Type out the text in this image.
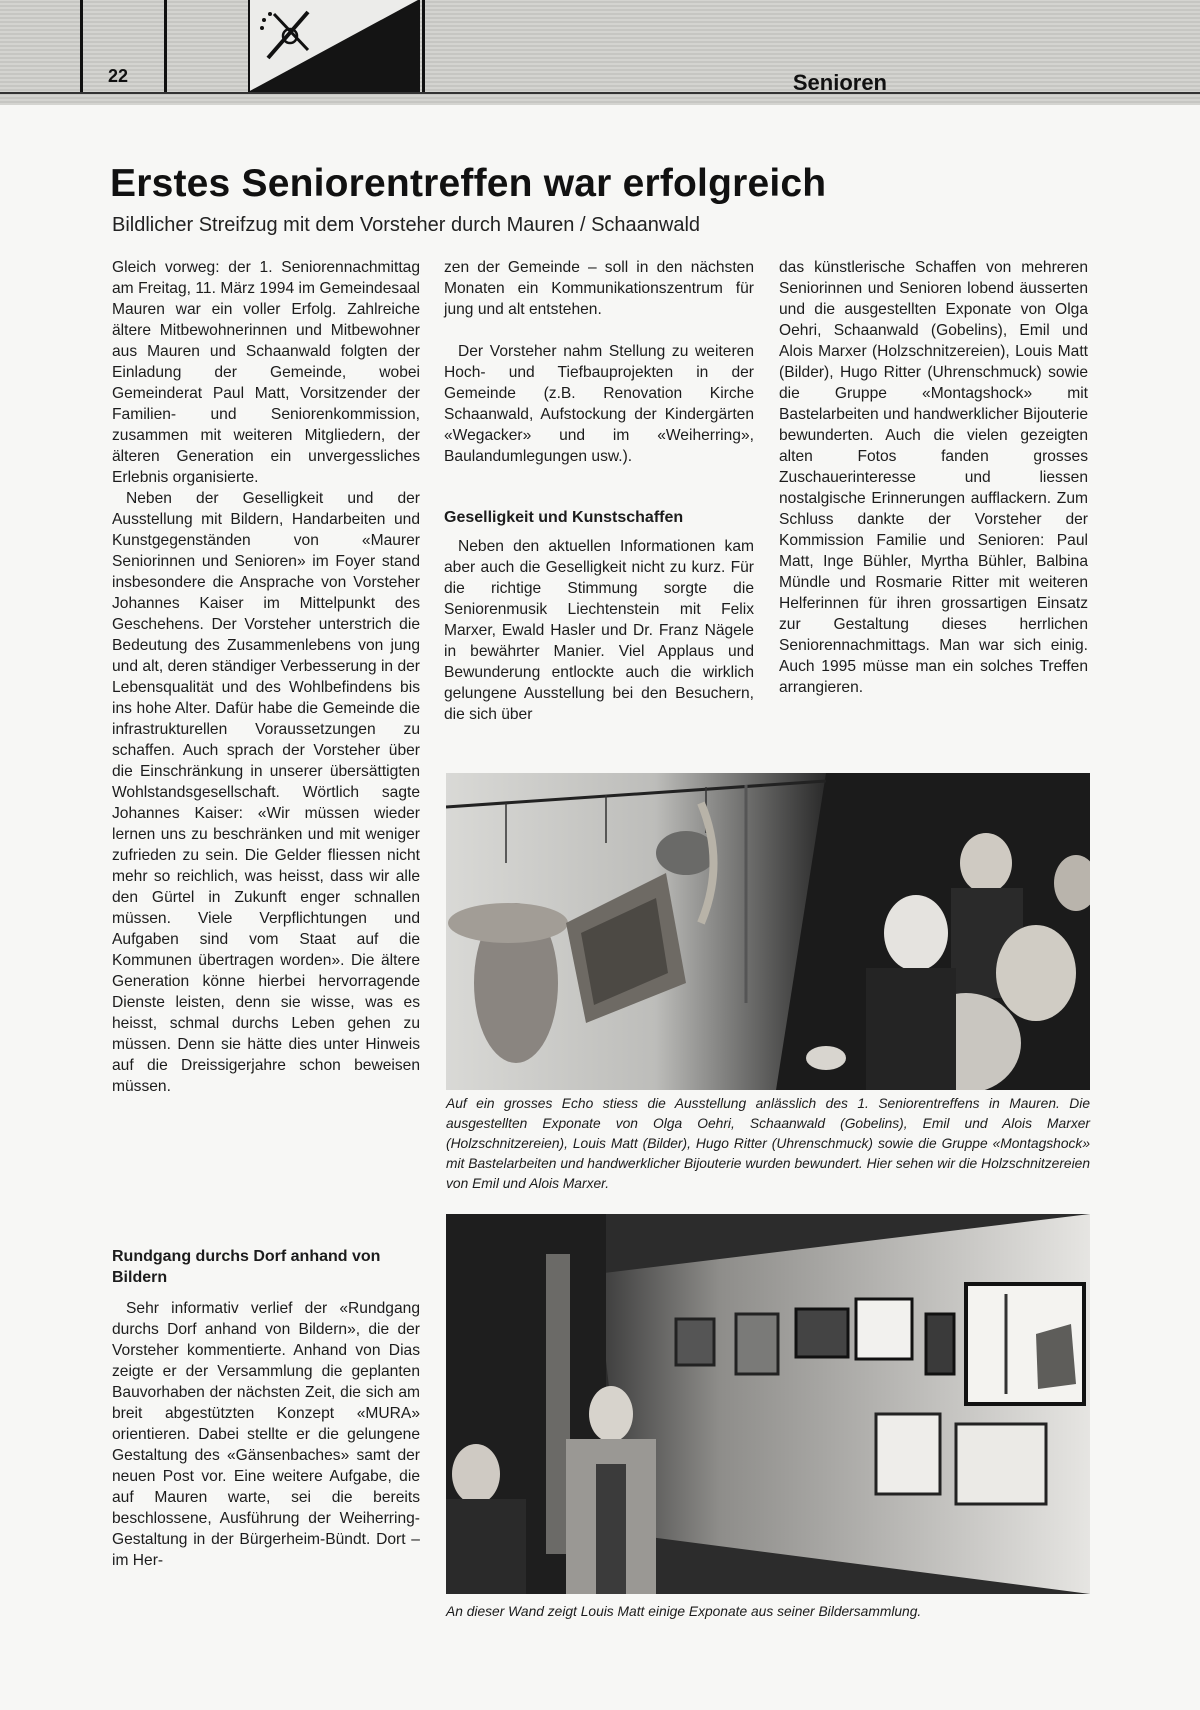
22	Senioren
Erstes Seniorentreffen war erfolgreich
Bildlicher Streifzug mit dem Vorsteher durch Mauren / Schaanwald

Gleich vorweg: der 1. Seniorennachmittag am Freitag, 11. März 1994 im Gemeindesaal Mauren war ein voller Erfolg. Zahlreiche ältere Mitbewohnerinnen und Mitbewohner aus Mauren und Schaanwald folgten der Einladung der Gemeinde, wobei Gemeinderat Paul Matt, Vorsitzender der Familien- und Seniorenkommission, zusammen mit weiteren Mitgliedern, der älteren Generation ein unvergessliches Erlebnis organisierte.

Neben der Geselligkeit und der Ausstellung mit Bildern, Handarbeiten und Kunstgegenständen von «Maurer Seniorinnen und Senioren» im Foyer stand insbesondere die Ansprache von Vorsteher Johannes Kaiser im Mittelpunkt des Geschehens. Der Vorsteher unterstrich die Bedeutung des Zusammenlebens von jung und alt, deren ständiger Verbesserung in der Lebensqualität und des Wohlbefindens bis ins hohe Alter. Dafür habe die Gemeinde die infrastrukturellen Voraussetzungen zu schaffen. Auch sprach der Vorsteher über die Einschränkung in unserer übersättigten Wohlstandsgesellschaft. Wörtlich sagte Johannes Kaiser: «Wir müssen wieder lernen uns zu beschränken und mit weniger zufrieden zu sein. Die Gelder fliessen nicht mehr so reichlich, was heisst, dass wir alle den Gürtel in Zukunft enger schnallen müssen. Viele Verpflichtungen und Aufgaben sind vom Staat auf die Kommunen übertragen worden». Die ältere Generation könne hierbei hervorragende Dienste leisten, denn sie wisse, was es heisst, schmal durchs Leben gehen zu müssen. Denn sie hätte dies unter Hinweis auf die Dreissigerjahre schon beweisen müssen.

Rundgang durchs Dorf anhand von Bildern

Sehr informativ verlief der «Rundgang durchs Dorf anhand von Bildern», die der Vorsteher kommentierte. Anhand von Dias zeigte er der Versammlung die geplanten Bauvorhaben der nächsten Zeit, die sich am breit abgestützten Konzept «MURA» orientieren. Dabei stellte er die gelungene Gestaltung des «Gänsenbaches» samt der neuen Post vor. Eine weitere Aufgabe, die auf Mauren warte, sei die bereits beschlossene, Ausführung der Weiherring-Gestaltung in der Bürgerheim-Bündt. Dort – im Her-

zen der Gemeinde – soll in den nächsten Monaten ein Kommunikationszentrum für jung und alt entstehen.

Der Vorsteher nahm Stellung zu weiteren Hoch- und Tiefbauprojekten in der Gemeinde (z.B. Renovation Kirche Schaanwald, Aufstockung der Kindergärten «Wegacker» und im «Weiherring», Baulandumlegungen usw.).

Geselligkeit und Kunstschaffen

Neben den aktuellen Informationen kam aber auch die Geselligkeit nicht zu kurz. Für die richtige Stimmung sorgte die Seniorenmusik Liechtenstein mit Felix Marxer, Ewald Hasler und Dr. Franz Nägele in bewährter Manier. Viel Applaus und Bewunderung entlockte auch die wirklich gelungene Ausstellung bei den Besuchern, die sich über

das künstlerische Schaffen von mehreren Seniorinnen und Senioren lobend äusserten und die ausgestellten Exponate von Olga Oehri, Schaanwald (Gobelins), Emil und Alois Marxer (Holzschnitzereien), Louis Matt (Bilder), Hugo Ritter (Uhrenschmuck) sowie die Gruppe «Montagshock» mit Bastelarbeiten und handwerklicher Bijouterie bewunderten. Auch die vielen gezeigten alten Fotos fanden grosses Zuschauerinteresse und liessen nostalgische Erinnerungen aufflackern. Zum Schluss dankte der Vorsteher der Kommission Familie und Senioren: Paul Matt, Inge Bühler, Myrtha Bühler, Balbina Mündle und Rosmarie Ritter mit weiteren Helferinnen für ihren grossartigen Einsatz zur Gestaltung dieses herrlichen Seniorennachmittags. Man war sich einig. Auch 1995 müsse man ein solches Treffen arrangieren.

Auf ein grosses Echo stiess die Ausstellung anlässlich des 1. Seniorentreffens in Mauren. Die ausgestellten Exponate von Olga Oehri, Schaanwald (Gobelins), Emil und Alois Marxer (Holzschnitzereien), Louis Matt (Bilder), Hugo Ritter (Uhrenschmuck) sowie die Gruppe «Montagshock» mit Bastelarbeiten und handwerklicher Bijouterie wurden bewundert. Hier sehen wir die Holzschnitzereien von Emil und Alois Marxer.
An dieser Wand zeigt Louis Matt einige Exponate aus seiner Bildersammlung.
